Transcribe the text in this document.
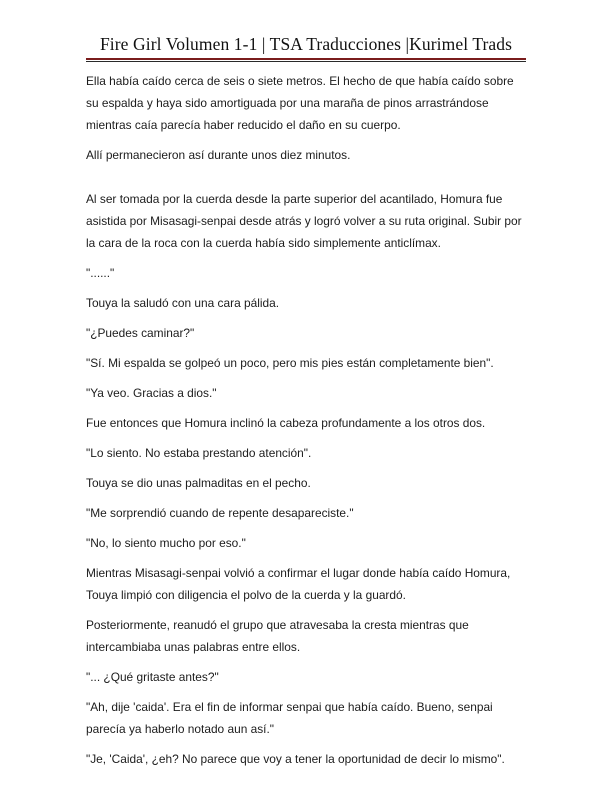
Fire Girl Volumen 1-1 | TSA Traducciones |Kurimel Trads

Ella había caído cerca de seis o siete metros. El hecho de que había caído sobre su espalda y haya sido amortiguada por una maraña de pinos arrastrándose mientras caía parecía haber reducido el daño en su cuerpo.

Allí permanecieron así durante unos diez minutos.

Al ser tomada por la cuerda desde la parte superior del acantilado, Homura fue asistida por Misasagi-senpai desde atrás y logró volver a su ruta original. Subir por la cara de la roca con la cuerda había sido simplemente anticlímax.

"......"

Touya la saludó con una cara pálida.

"¿Puedes caminar?"

"Sí. Mi espalda se golpeó un poco, pero mis pies están completamente bien".

"Ya veo. Gracias a dios."

Fue entonces que Homura inclinó la cabeza profundamente a los otros dos.

"Lo siento. No estaba prestando atención".

Touya se dio unas palmaditas en el pecho.

"Me sorprendió cuando de repente desapareciste."

"No, lo siento mucho por eso."

Mientras Misasagi-senpai volvió a confirmar el lugar donde había caído Homura, Touya limpió con diligencia el polvo de la cuerda y la guardó.

Posteriormente, reanudó el grupo que atravesaba la cresta mientras que intercambiaba unas palabras entre ellos.

"... ¿Qué gritaste antes?"

"Ah, dije 'caida'. Era el fin de informar senpai que había caído. Bueno, senpai parecía ya haberlo notado aun así."

"Je, 'Caida', ¿eh? No parece que voy a tener la oportunidad de decir lo mismo".
